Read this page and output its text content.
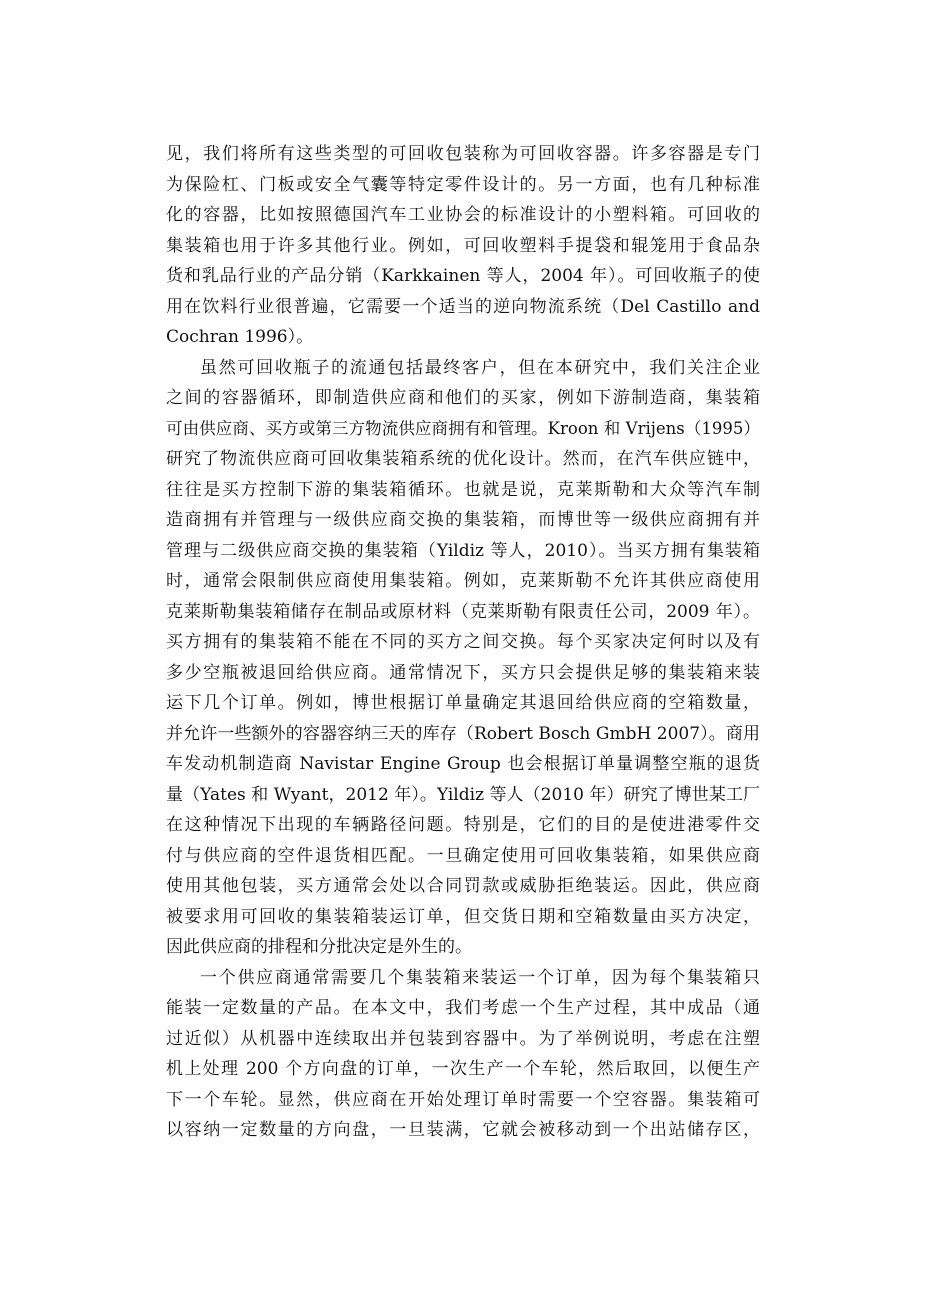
见，我们将所有这些类型的可回收包装称为可回收容器。许多容器是专门
为保险杠、门板或安全气囊等特定零件设计的。另一方面，也有几种标准
化的容器，比如按照德国汽车工业协会的标准设计的小塑料箱。可回收的
集装箱也用于许多其他行业。例如，可回收塑料手提袋和辊笼用于食品杂
货和乳品行业的产品分销（Karkkainen 等人，2004 年）。可回收瓶子的使
用在饮料行业很普遍，它需要一个适当的逆向物流系统（Del Castillo and
Cochran 1996）。
虽然可回收瓶子的流通包括最终客户，但在本研究中，我们关注企业
之间的容器循环，即制造供应商和他们的买家，例如下游制造商，集装箱
可由供应商、买方或第三方物流供应商拥有和管理。Kroon 和 Vrijens（1995）
研究了物流供应商可回收集装箱系统的优化设计。然而，在汽车供应链中，
往往是买方控制下游的集装箱循环。也就是说，克莱斯勒和大众等汽车制
造商拥有并管理与一级供应商交换的集装箱，而博世等一级供应商拥有并
管理与二级供应商交换的集装箱（Yildiz 等人，2010）。当买方拥有集装箱
时，通常会限制供应商使用集装箱。例如，克莱斯勒不允许其供应商使用
克莱斯勒集装箱储存在制品或原材料（克莱斯勒有限责任公司，2009 年）。
买方拥有的集装箱不能在不同的买方之间交换。每个买家决定何时以及有
多少空瓶被退回给供应商。通常情况下，买方只会提供足够的集装箱来装
运下几个订单。例如，博世根据订单量确定其退回给供应商的空箱数量，
并允许一些额外的容器容纳三天的库存（Robert Bosch GmbH 2007）。商用
车发动机制造商 Navistar Engine Group 也会根据订单量调整空瓶的退货
量（Yates 和 Wyant，2012 年）。Yildiz 等人（2010 年）研究了博世某工厂
在这种情况下出现的车辆路径问题。特别是，它们的目的是使进港零件交
付与供应商的空件退货相匹配。一旦确定使用可回收集装箱，如果供应商
使用其他包装，买方通常会处以合同罚款或威胁拒绝装运。因此，供应商
被要求用可回收的集装箱装运订单，但交货日期和空箱数量由买方决定，
因此供应商的排程和分批决定是外生的。
一个供应商通常需要几个集装箱来装运一个订单，因为每个集装箱只
能装一定数量的产品。在本文中，我们考虑一个生产过程，其中成品（通
过近似）从机器中连续取出并包装到容器中。为了举例说明，考虑在注塑
机上处理 200 个方向盘的订单，一次生产一个车轮，然后取回，以便生产
下一个车轮。显然，供应商在开始处理订单时需要一个空容器。集装箱可
以容纳一定数量的方向盘，一旦装满，它就会被移动到一个出站储存区，
